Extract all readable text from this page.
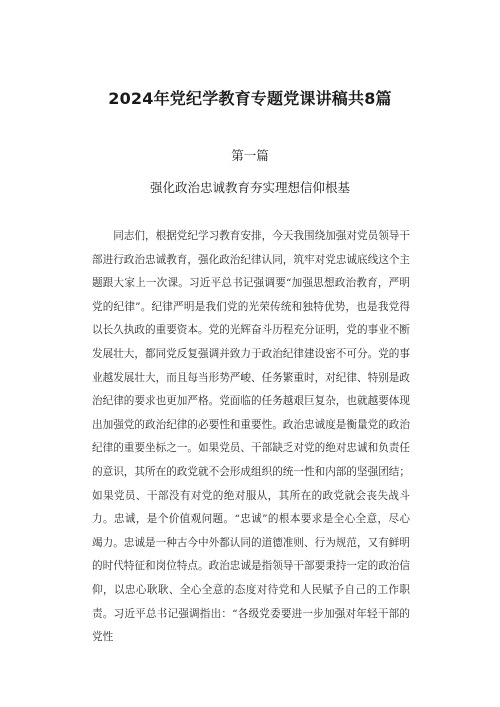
2024年党纪学教育专题党课讲稿共8篇
第一篇
强化政治忠诚教育夯实理想信仰根基

同志们，根据党纪学习教育安排，今天我围绕加强对党员领导干部进行政治忠诚教育，强化政治纪律认同，筑牢对党忠诚底线这个主题跟大家上一次课。习近平总书记强调要“加强思想政治教育，严明党的纪律”。纪律严明是我们党的光荣传统和独特优势，也是我党得以长久执政的重要资本。党的光辉奋斗历程充分证明，党的事业不断发展壮大，都同党反复强调并致力于政治纪律建设密不可分。党的事业越发展壮大，而且每当形势严峻、任务繁重时，对纪律、特别是政治纪律的要求也更加严格。党面临的任务越艰巨复杂，也就越要体现出加强党的政治纪律的必要性和重要性。政治忠诚度是衡量党的政治纪律的重要坐标之一。如果党员、干部缺乏对党的绝对忠诚和负责任的意识，其所在的政党就不会形成组织的统一性和内部的坚强团结；如果党员、干部没有对党的绝对服从，其所在的政党就会丧失战斗力。忠诚，是个价值观问题。“忠诚”的根本要求是全心全意，尽心竭力。忠诚是一种古今中外都认同的道德准则、行为规范，又有鲜明的时代特征和岗位特点。政治忠诚是指领导干部要秉持一定的政治信仰，以忠心耿耿、全心全意的态度对待党和人民赋予自己的工作职责。习近平总书记强调指出：“各级党委要进一步加强对年轻干部的党性
